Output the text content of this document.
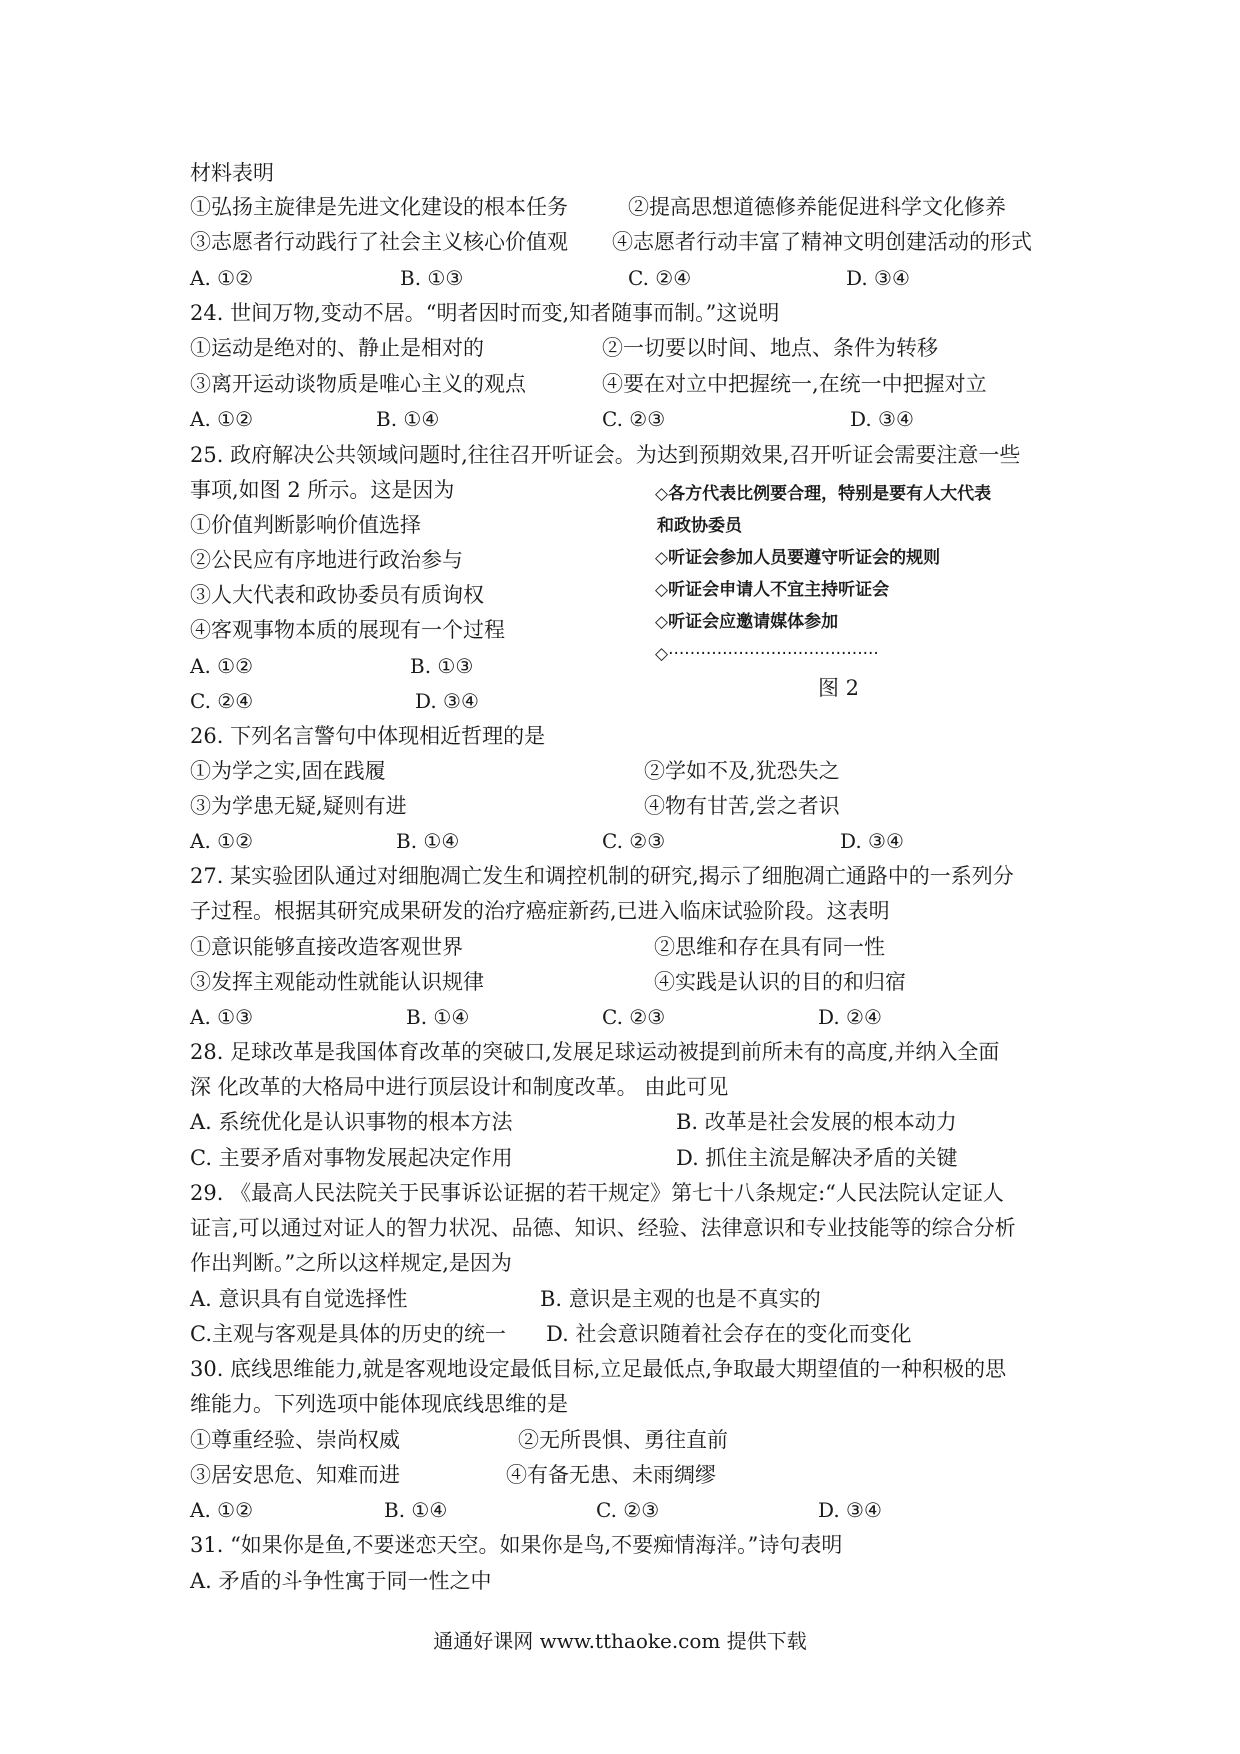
材料表明
①弘扬主旋律是先进文化建设的根本任务	②提高思想道德修养能促进科学文化修养
③志愿者行动践行了社会主义核心价值观 ④志愿者行动丰富了精神文明创建活动的形式
A. ①②	B. ①③	C. ②④	D. ③④
24. 世间万物,变动不居。“明者因时而变,知者随事而制。”这说明
①运动是绝对的、静止是相对的	②一切要以时间、地点、条件为转移
③离开运动谈物质是唯心主义的观点	④要在对立中把握统一,在统一中把握对立
A. ①②	B. ①④	C. ②③	D. ③④
25. 政府解决公共领域问题时,往往召开听证会。为达到预期效果,召开听证会需要注意一些
事项,如图 2 所示。这是因为
①价值判断影响价值选择
②公民应有序地进行政治参与
③人大代表和政协委员有质询权
④客观事物本质的展现有一个过程
A. ①②	B. ①③
C. ②④	D. ③④
◇各方代表比例要合理，特别是要有人大代表
和政协委员
◇听证会参加人员要遵守听证会的规则
◇听证会申请人不宜主持听证会
◇听证会应邀请媒体参加
◇·······································
图 2
26. 下列名言警句中体现相近哲理的是
①为学之实,固在践履	②学如不及,犹恐失之
③为学患无疑,疑则有进	④物有甘苦,尝之者识
A. ①②	B. ①④	C. ②③	D. ③④
27. 某实验团队通过对细胞凋亡发生和调控机制的研究,揭示了细胞凋亡通路中的一系列分
子过程。根据其研究成果研发的治疗癌症新药,已进入临床试验阶段。这表明
①意识能够直接改造客观世界	②思维和存在具有同一性
③发挥主观能动性就能认识规律	④实践是认识的目的和归宿
A. ①③	B. ①④	C. ②③	D. ②④
28. 足球改革是我国体育改革的突破口,发展足球运动被提到前所未有的高度,并纳入全面
深 化改革的大格局中进行顶层设计和制度改革。 由此可见
A. 系统优化是认识事物的根本方法	B. 改革是社会发展的根本动力
C. 主要矛盾对事物发展起决定作用	D. 抓住主流是解决矛盾的关键
29. 《最高人民法院关于民事诉讼证据的若干规定》第七十八条规定:“人民法院认定证人
证言,可以通过对证人的智力状况、品德、知识、经验、法律意识和专业技能等的综合分析
作出判断。”之所以这样规定,是因为
A. 意识具有自觉选择性	B. 意识是主观的也是不真实的
C.主观与客观是具体的历史的统一 D. 社会意识随着社会存在的变化而变化
30. 底线思维能力,就是客观地设定最低目标,立足最低点,争取最大期望值的一种积极的思
维能力。下列选项中能体现底线思维的是
①尊重经验、崇尚权威	②无所畏惧、勇往直前
③居安思危、知难而进	④有备无患、未雨绸缪
A. ①②	B. ①④	C. ②③	D. ③④
31. “如果你是鱼,不要迷恋天空。如果你是鸟,不要痴情海洋。”诗句表明
A. 矛盾的斗争性寓于同一性之中
通通好课网 www.tthaoke.com 提供下载
